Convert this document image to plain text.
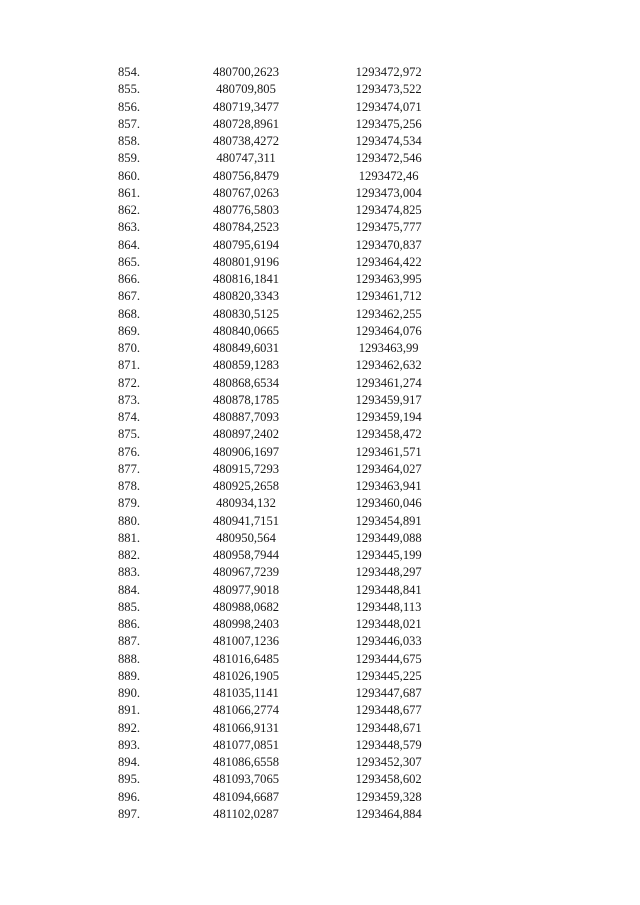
854.	480700,2623	1293472,972
855.	480709,805	1293473,522
856.	480719,3477	1293474,071
857.	480728,8961	1293475,256
858.	480738,4272	1293474,534
859.	480747,311	1293472,546
860.	480756,8479	1293472,46
861.	480767,0263	1293473,004
862.	480776,5803	1293474,825
863.	480784,2523	1293475,777
864.	480795,6194	1293470,837
865.	480801,9196	1293464,422
866.	480816,1841	1293463,995
867.	480820,3343	1293461,712
868.	480830,5125	1293462,255
869.	480840,0665	1293464,076
870.	480849,6031	1293463,99
871.	480859,1283	1293462,632
872.	480868,6534	1293461,274
873.	480878,1785	1293459,917
874.	480887,7093	1293459,194
875.	480897,2402	1293458,472
876.	480906,1697	1293461,571
877.	480915,7293	1293464,027
878.	480925,2658	1293463,941
879.	480934,132	1293460,046
880.	480941,7151	1293454,891
881.	480950,564	1293449,088
882.	480958,7944	1293445,199
883.	480967,7239	1293448,297
884.	480977,9018	1293448,841
885.	480988,0682	1293448,113
886.	480998,2403	1293448,021
887.	481007,1236	1293446,033
888.	481016,6485	1293444,675
889.	481026,1905	1293445,225
890.	481035,1141	1293447,687
891.	481066,2774	1293448,677
892.	481066,9131	1293448,671
893.	481077,0851	1293448,579
894.	481086,6558	1293452,307
895.	481093,7065	1293458,602
896.	481094,6687	1293459,328
897.	481102,0287	1293464,884
